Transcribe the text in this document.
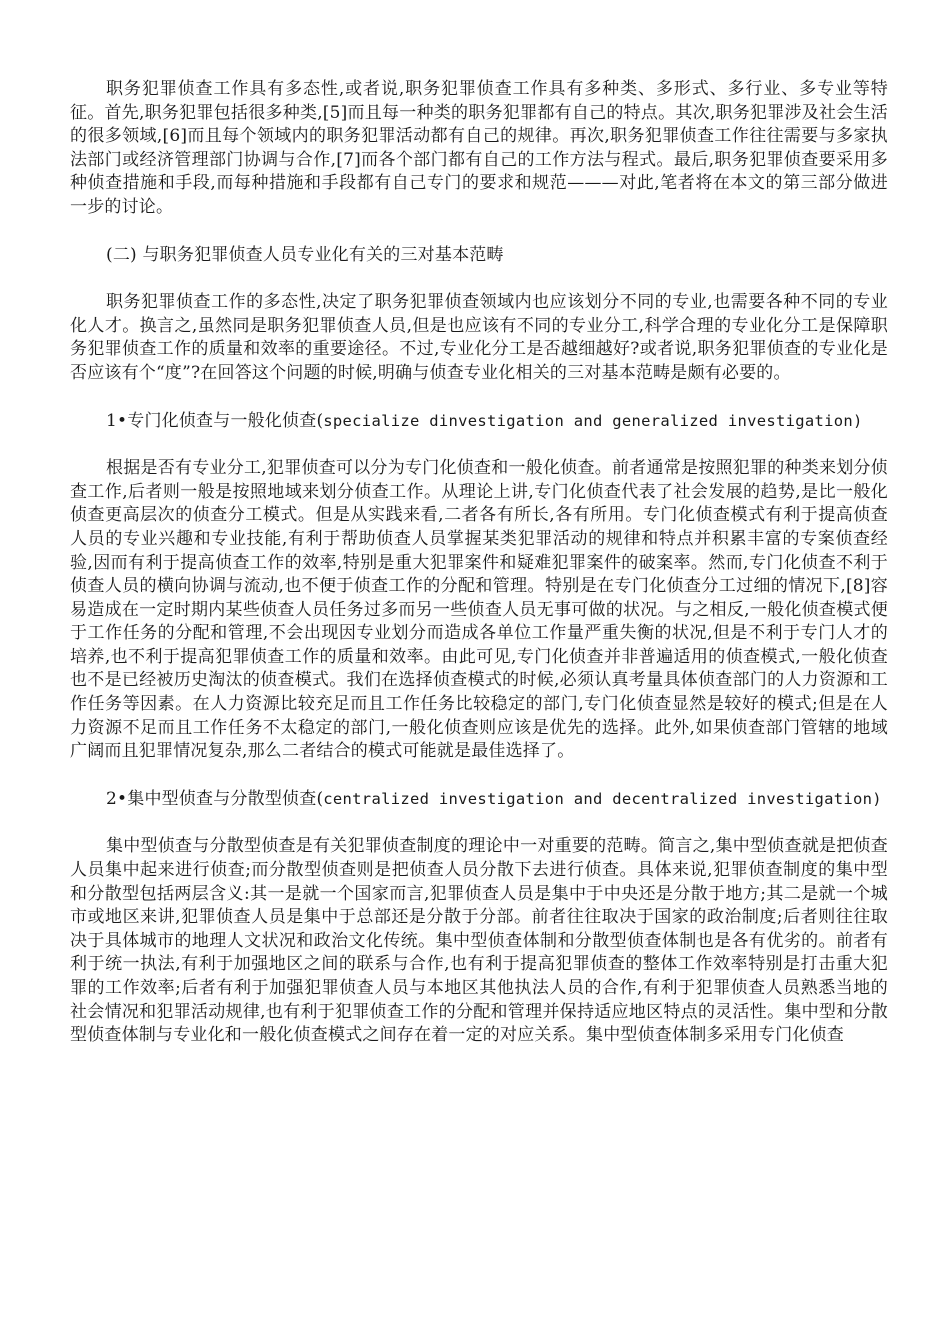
职务犯罪侦查工作具有多态性,或者说,职务犯罪侦查工作具有多种类、多形式、多行业、多专业等特征。首先,职务犯罪包括很多种类,[5]而且每一种类的职务犯罪都有自己的特点。其次,职务犯罪涉及社会生活的很多领域,[6]而且每个领域内的职务犯罪活动都有自己的规律。再次,职务犯罪侦查工作往往需要与多家执法部门或经济管理部门协调与合作,[7]而各个部门都有自己的工作方法与程式。最后,职务犯罪侦查要采用多种侦查措施和手段,而每种措施和手段都有自己专门的要求和规范———对此,笔者将在本文的第三部分做进一步的讨论。

(二) 与职务犯罪侦查人员专业化有关的三对基本范畴

职务犯罪侦查工作的多态性,决定了职务犯罪侦查领域内也应该划分不同的专业,也需要各种不同的专业化人才。换言之,虽然同是职务犯罪侦查人员,但是也应该有不同的专业分工,科学合理的专业化分工是保障职务犯罪侦查工作的质量和效率的重要途径。不过,专业化分工是否越细越好?或者说,职务犯罪侦查的专业化是否应该有个“度”?在回答这个问题的时候,明确与侦查专业化相关的三对基本范畴是颇有必要的。

1•专门化侦查与一般化侦查(specialize dinvestigation and generalized investigation)

根据是否有专业分工,犯罪侦查可以分为专门化侦查和一般化侦查。前者通常是按照犯罪的种类来划分侦查工作,后者则一般是按照地域来划分侦查工作。从理论上讲,专门化侦查代表了社会发展的趋势,是比一般化侦查更高层次的侦查分工模式。但是从实践来看,二者各有所长,各有所用。专门化侦查模式有利于提高侦查人员的专业兴趣和专业技能,有利于帮助侦查人员掌握某类犯罪活动的规律和特点并积累丰富的专案侦查经验,因而有利于提高侦查工作的效率,特别是重大犯罪案件和疑难犯罪案件的破案率。然而,专门化侦查不利于侦查人员的横向协调与流动,也不便于侦查工作的分配和管理。特别是在专门化侦查分工过细的情况下,[8]容易造成在一定时期内某些侦查人员任务过多而另一些侦查人员无事可做的状况。与之相反,一般化侦查模式便于工作任务的分配和管理,不会出现因专业划分而造成各单位工作量严重失衡的状况,但是不利于专门人才的培养,也不利于提高犯罪侦查工作的质量和效率。由此可见,专门化侦查并非普遍适用的侦查模式,一般化侦查也不是已经被历史淘汰的侦查模式。我们在选择侦查模式的时候,必须认真考量具体侦查部门的人力资源和工作任务等因素。在人力资源比较充足而且工作任务比较稳定的部门,专门化侦查显然是较好的模式;但是在人力资源不足而且工作任务不太稳定的部门,一般化侦查则应该是优先的选择。此外,如果侦查部门管辖的地域广阔而且犯罪情况复杂,那么二者结合的模式可能就是最佳选择了。

2•集中型侦查与分散型侦查(centralized investigation and decentralized investigation)

集中型侦查与分散型侦查是有关犯罪侦查制度的理论中一对重要的范畴。简言之,集中型侦查就是把侦查人员集中起来进行侦查;而分散型侦查则是把侦查人员分散下去进行侦查。具体来说,犯罪侦查制度的集中型和分散型包括两层含义:其一是就一个国家而言,犯罪侦查人员是集中于中央还是分散于地方;其二是就一个城市或地区来讲,犯罪侦查人员是集中于总部还是分散于分部。前者往往取决于国家的政治制度;后者则往往取决于具体城市的地理人文状况和政治文化传统。集中型侦查体制和分散型侦查体制也是各有优劣的。前者有利于统一执法,有利于加强地区之间的联系与合作,也有利于提高犯罪侦查的整体工作效率特别是打击重大犯罪的工作效率;后者有利于加强犯罪侦查人员与本地区其他执法人员的合作,有利于犯罪侦查人员熟悉当地的社会情况和犯罪活动规律,也有利于犯罪侦查工作的分配和管理并保持适应地区特点的灵活性。集中型和分散型侦查体制与专业化和一般化侦查模式之间存在着一定的对应关系。集中型侦查体制多采用专门化侦查
